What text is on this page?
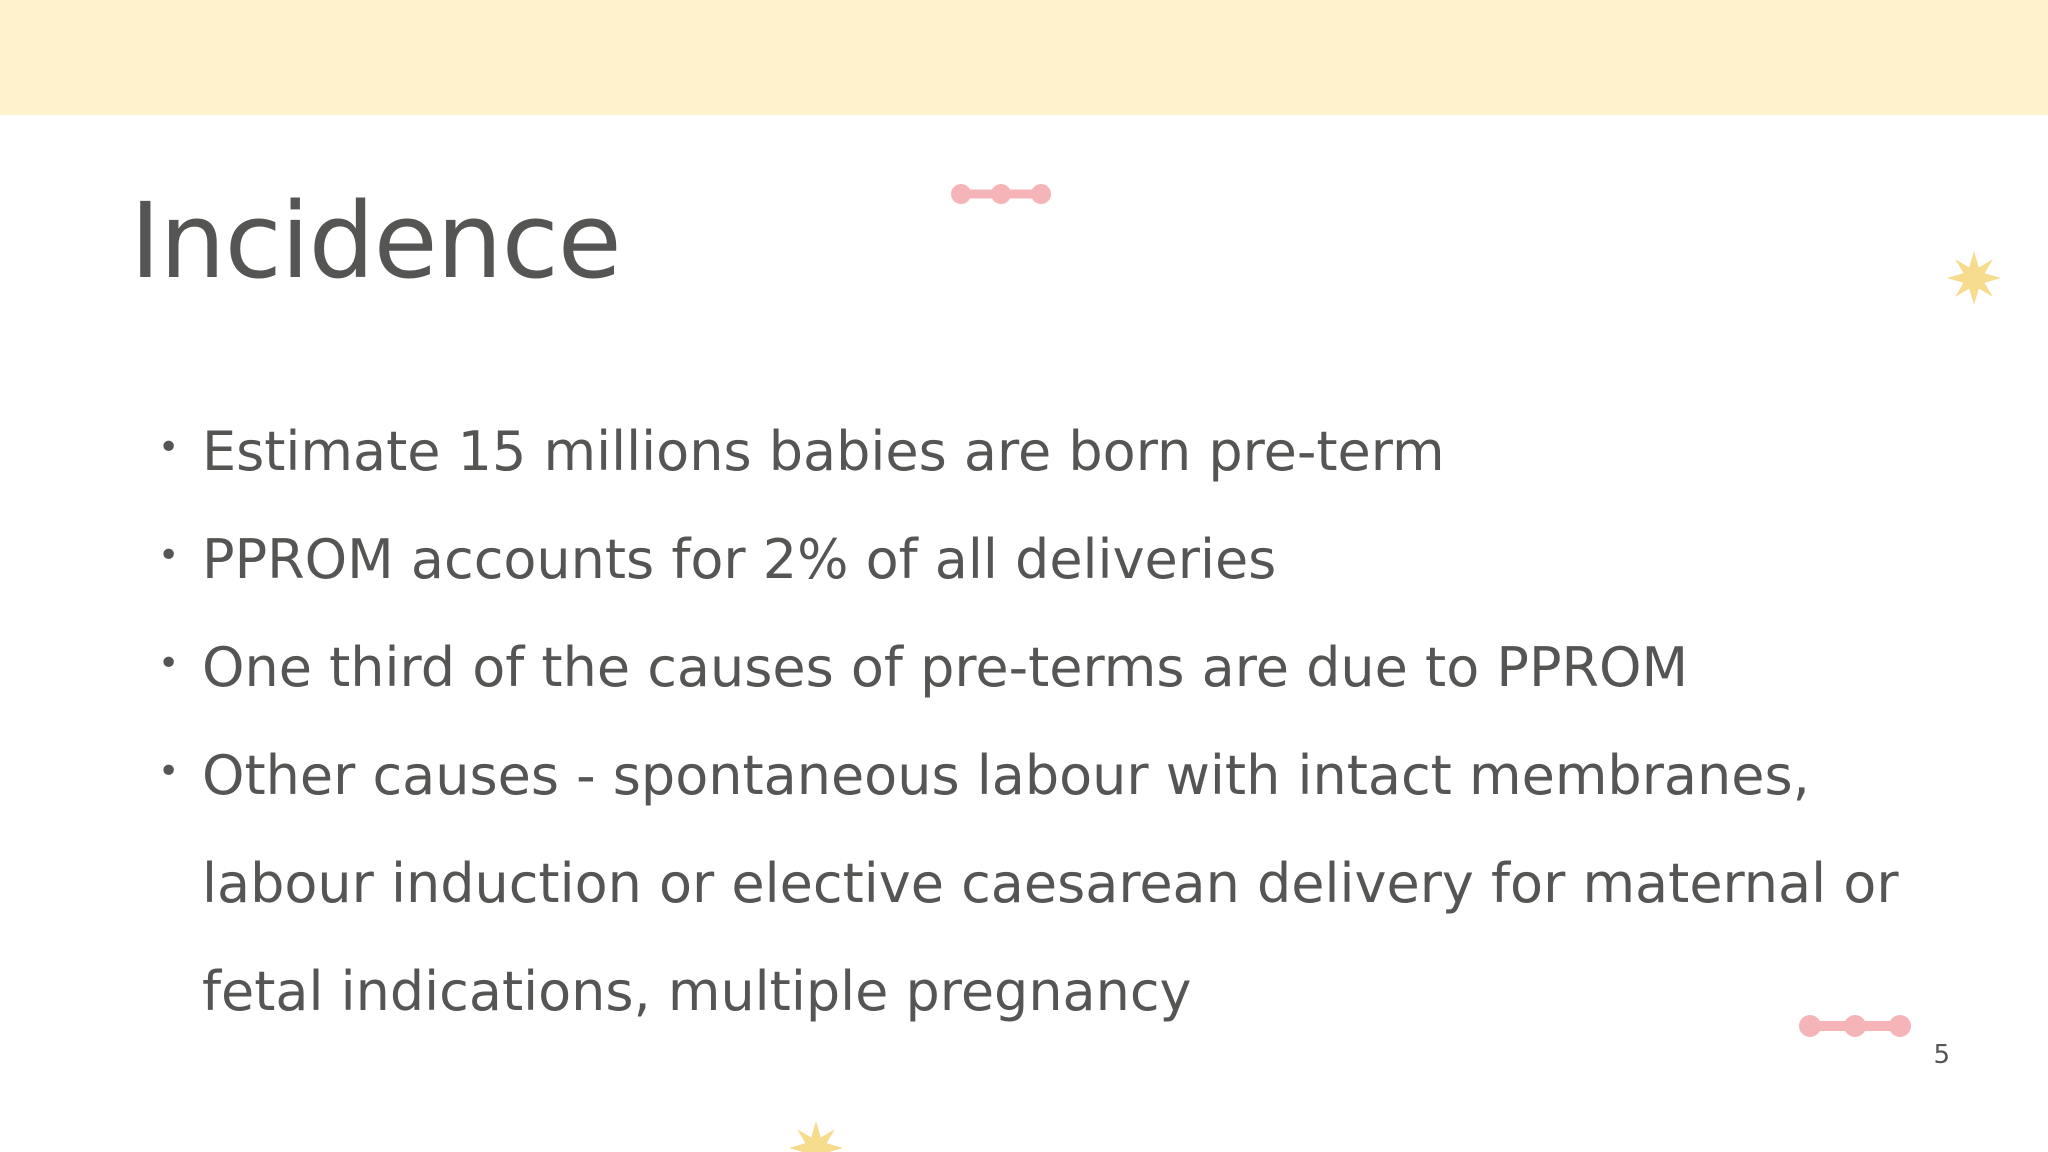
Incidence
• Estimate 15 millions babies are born pre-term
• PPROM accounts for 2% of all deliveries
• One third of the causes of pre-terms are due to PPROM
• Other causes - spontaneous labour with intact membranes, labour induction or elective caesarean delivery for maternal or fetal indications, multiple pregnancy
5
